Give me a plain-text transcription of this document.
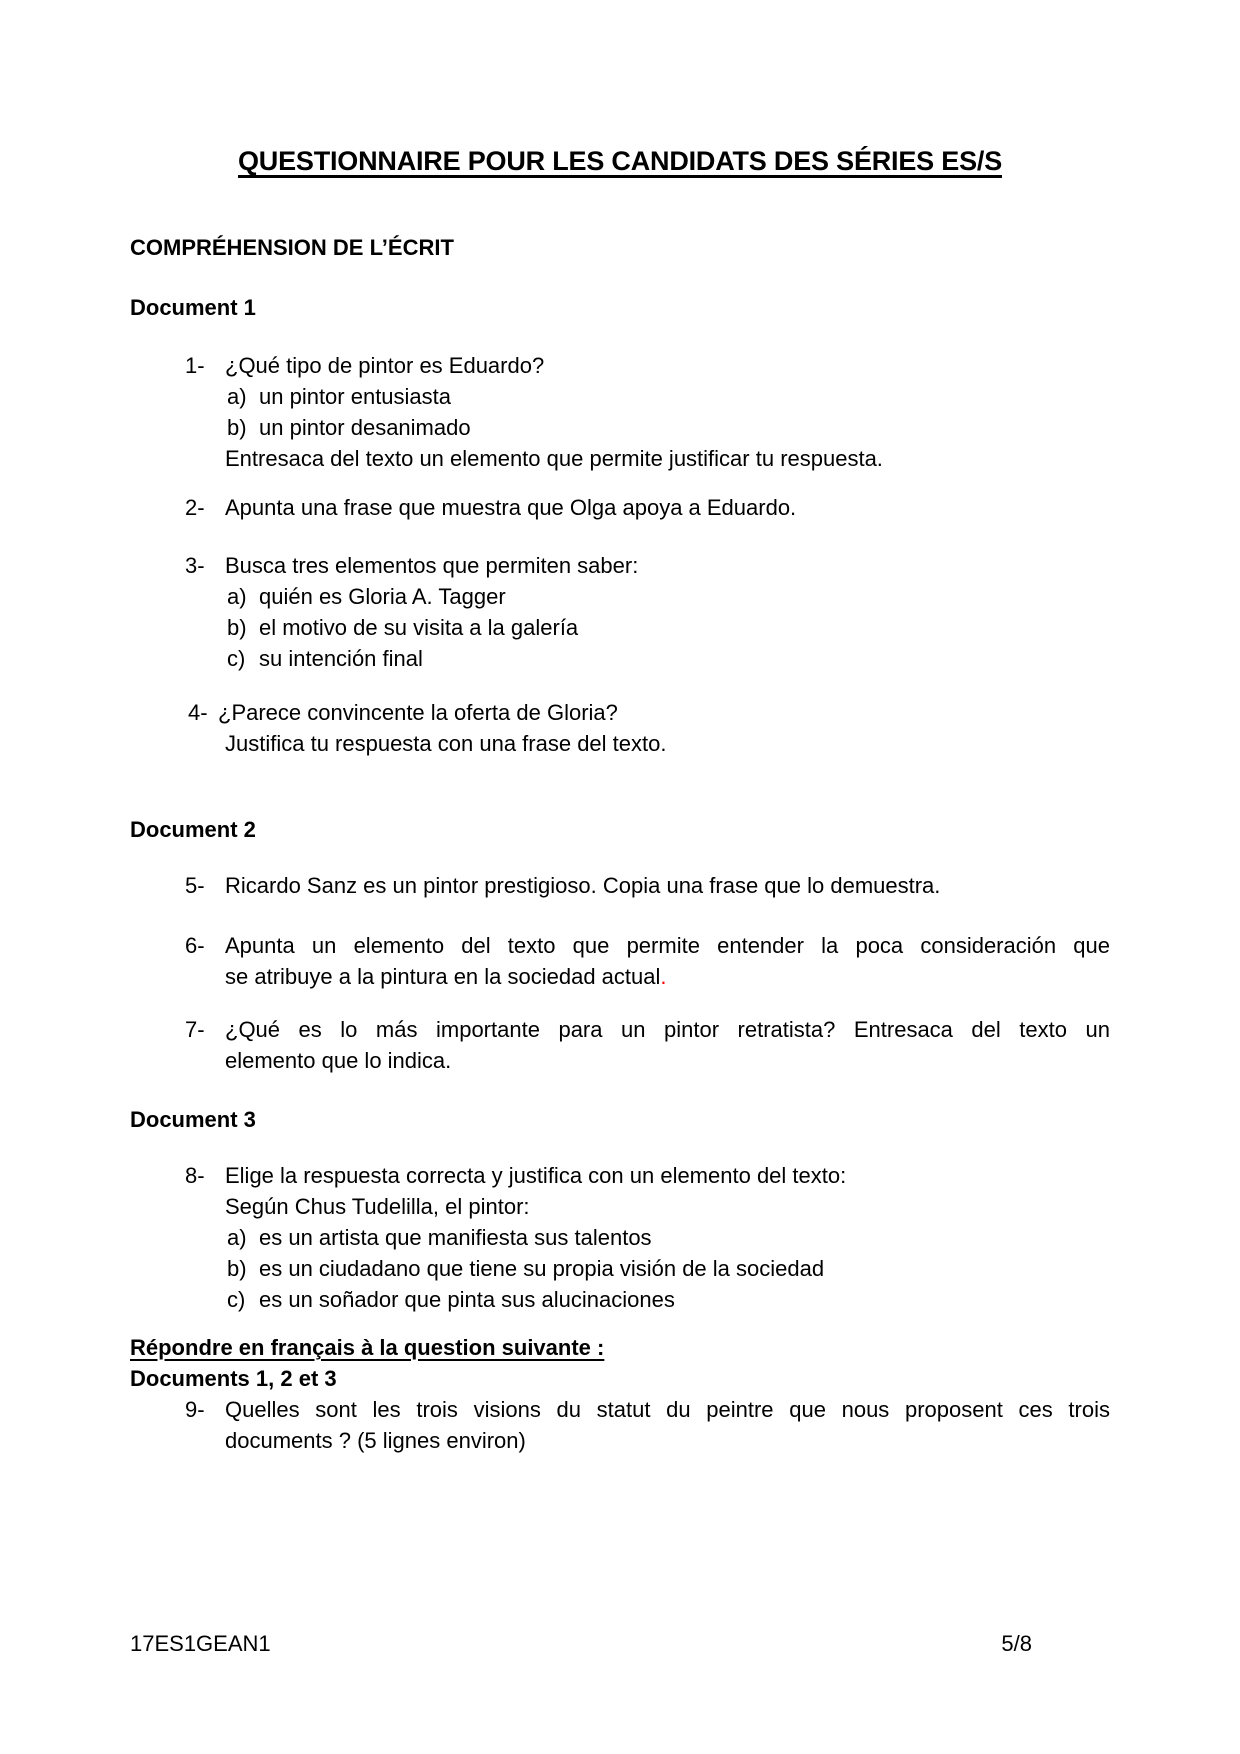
QUESTIONNAIRE POUR LES CANDIDATS DES SÉRIES ES/S
COMPRÉHENSION DE L’ÉCRIT
Document 1
1- ¿Qué tipo de pintor es Eduardo?
a) un pintor entusiasta
b) un pintor desanimado
Entresaca del texto un elemento que permite justificar tu respuesta.
2- Apunta una frase que muestra que Olga apoya a Eduardo.
3- Busca tres elementos que permiten saber:
a) quién es Gloria A. Tagger
b) el motivo de su visita a la galería
c) su intención final
4- ¿Parece convincente la oferta de Gloria?
Justifica tu respuesta con una frase del texto.
Document 2
5- Ricardo Sanz es un pintor prestigioso. Copia una frase que lo demuestra.
6- Apunta un elemento del texto que permite entender la poca consideración que
se atribuye a la pintura en la sociedad actual.
7- ¿Qué es lo más importante para un pintor retratista? Entresaca del texto un
elemento que lo indica.
Document 3
8- Elige la respuesta correcta y justifica con un elemento del texto:
Según Chus Tudelilla, el pintor:
a) es un artista que manifiesta sus talentos
b) es un ciudadano que tiene su propia visión de la sociedad
c) es un soñador que pinta sus alucinaciones
Répondre en français à la question suivante :
Documents 1, 2 et 3
9- Quelles sont les trois visions du statut du peintre que nous proposent ces trois
documents ? (5 lignes environ)
17ES1GEAN1	5/8
